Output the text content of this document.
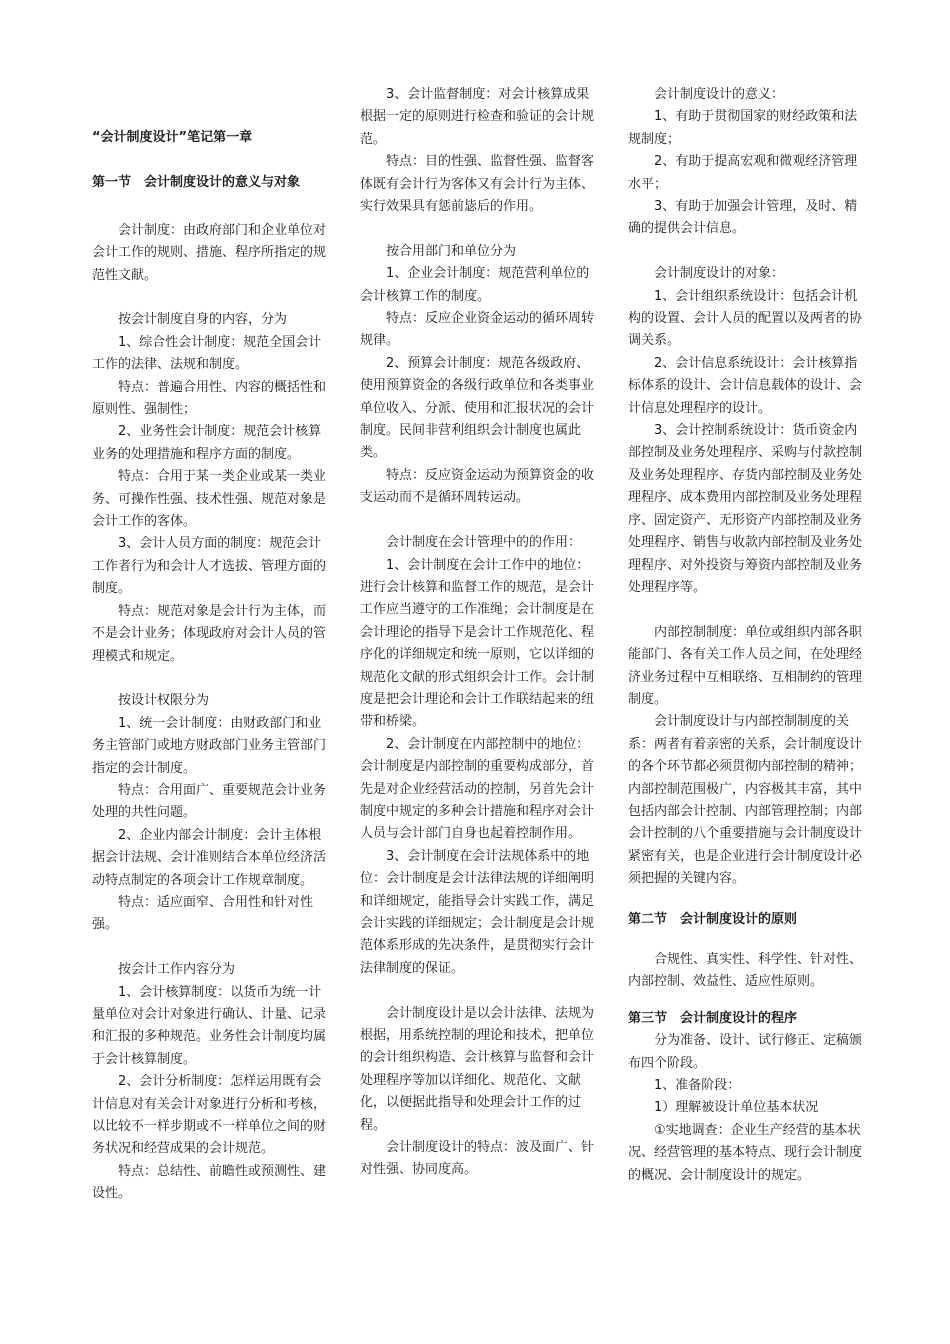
“会计制度设计”笔记第一章

第一节　会计制度设计的意义与对象

会计制度：由政府部门和企业单位对会计工作的规则、措施、程序所指定的规范性文献。

按会计制度自身的内容，分为

1、综合性会计制度：规范全国会计工作的法律、法规和制度。

特点：普遍合用性、内容的概括性和原则性、强制性；

2、业务性会计制度：规范会计核算业务的处理措施和程序方面的制度。

特点：合用于某一类企业或某一类业务、可操作性强、技术性强、规范对象是会计工作的客体。

3、会计人员方面的制度：规范会计工作者行为和会计人才选拔、管理方面的制度。

特点：规范对象是会计行为主体，而不是会计业务；体现政府对会计人员的管理模式和规定。

按设计权限分为

1、统一会计制度：由财政部门和业务主管部门或地方财政部门业务主管部门指定的会计制度。

特点：合用面广、重要规范会计业务处理的共性问题。

2、企业内部会计制度：会计主体根据会计法规、会计准则结合本单位经济活动特点制定的各项会计工作规章制度。

特点：适应面窄、合用性和针对性强。

按会计工作内容分为

1、会计核算制度：以货币为统一计量单位对会计对象进行确认、计量、记录和汇报的多种规范。业务性会计制度均属于会计核算制度。

2、会计分析制度：怎样运用既有会计信息对有关会计对象进行分析和考核，以比较不一样步期或不一样单位之间的财务状况和经营成果的会计规范。

特点：总结性、前瞻性或预测性、建设性。

3、会计监督制度：对会计核算成果根据一定的原则进行检查和验证的会计规范。

特点：目的性强、监督性强、监督客体既有会计行为客体又有会计行为主体、实行效果具有惩前毖后的作用。

按合用部门和单位分为

1、企业会计制度：规范营利单位的会计核算工作的制度。

特点：反应企业资金运动的循环周转规律。

2、预算会计制度：规范各级政府、使用预算资金的各级行政单位和各类事业单位收入、分派、使用和汇报状况的会计制度。民间非营利组织会计制度也属此类。

特点：反应资金运动为预算资金的收支运动而不是循环周转运动。

会计制度在会计管理中的的作用：

1、会计制度在会计工作中的地位：进行会计核算和监督工作的规范，是会计工作应当遵守的工作准绳；会计制度是在会计理论的指导下是会计工作规范化、程序化的详细规定和统一原则，它以详细的规范化文献的形式组织会计工作。会计制度是把会计理论和会计工作联结起来的纽带和桥梁。

2、会计制度在内部控制中的地位：会计制度是内部控制的重要构成部分，首先是对企业经营活动的控制，另首先会计制度中规定的多种会计措施和程序对会计人员与会计部门自身也起着控制作用。

3、会计制度在会计法规体系中的地位：会计制度是会计法律法规的详细阐明和详细规定，能指导会计实践工作，满足会计实践的详细规定；会计制度是会计规范体系形成的先决条件，是贯彻实行会计法律制度的保证。

会计制度设计是以会计法律、法规为根据，用系统控制的理论和技术，把单位的会计组织构造、会计核算与监督和会计处理程序等加以详细化、规范化、文献化，以便据此指导和处理会计工作的过程。

会计制度设计的特点：波及面广、针对性强、协同度高。

会计制度设计的意义：

1、有助于贯彻国家的财经政策和法规制度；

2、有助于提高宏观和微观经济管理水平；

3、有助于加强会计管理，及时、精确的提供会计信息。

会计制度设计的对象：

1、会计组织系统设计：包括会计机构的设置、会计人员的配置以及两者的协调关系。

2、会计信息系统设计：会计核算指标体系的设计、会计信息载体的设计、会计信息处理程序的设计。

3、会计控制系统设计：货币资金内部控制及业务处理程序、采购与付款控制及业务处理程序、存货内部控制及业务处理程序、成本费用内部控制及业务处理程序、固定资产、无形资产内部控制及业务处理程序、销售与收款内部控制及业务处理程序、对外投资与筹资内部控制及业务处理程序等。

内部控制制度：单位或组织内部各职能部门、各有关工作人员之间，在处理经济业务过程中互相联络、互相制约的管理制度。

会计制度设计与内部控制制度的关系：两者有着亲密的关系，会计制度设计的各个环节都必须贯彻内部控制的精神；内部控制范围极广，内容极其丰富，其中包括内部会计控制、内部管理控制；内部会计控制的八个重要措施与会计制度设计紧密有关，也是企业进行会计制度设计必须把握的关键内容。

第二节　会计制度设计的原则

合规性、真实性、科学性、针对性、内部控制、效益性、适应性原则。

第三节　会计制度设计的程序

分为准备、设计、试行修正、定稿颁布四个阶段。

1、准备阶段：

1）理解被设计单位基本状况

①实地调查：企业生产经营的基本状况、经营管理的基本特点、现行会计制度的概况、会计制度设计的规定。
